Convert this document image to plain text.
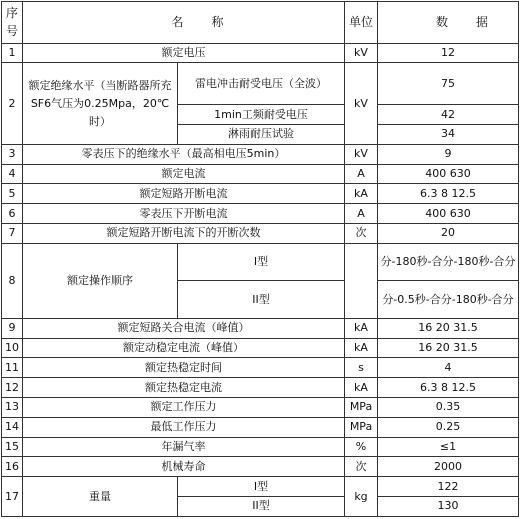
序号	名称		单位	数据
1	额定电压		kV	12
2	额定绝缘水平（当断路器所充SF6气压为0.25Mpa，20℃时）	雷电冲击耐受电压（全波）	kV	75
		1min工频耐受电压		42
		淋雨耐压试验		34
3	零表压下的绝缘水平（最高相电压5min）		kV	9
4	额定电流		A	400 630
5	额定短路开断电流		kA	6.3 8 12.5
6	零表压下开断电流		A	400 630
7	额定短路开断电流下的开断次数		次	20
8	额定操作顺序	I型		分-180秒-合分-180秒-合分
		II型		分-0.5秒-合分-180秒-合分
9	额定短路关合电流（峰值）		kA	16 20 31.5
10	额定动稳定电流（峰值）		kA	16 20 31.5
11	额定热稳定时间		s	4
12	额定热稳定电流		kA	6.3 8 12.5
13	额定工作压力		MPa	0.35
14	最低工作压力		MPa	0.25
15	年漏气率		%	≤1
16	机械寿命		次	2000
17	重量	I型	kg	122
		II型		130
